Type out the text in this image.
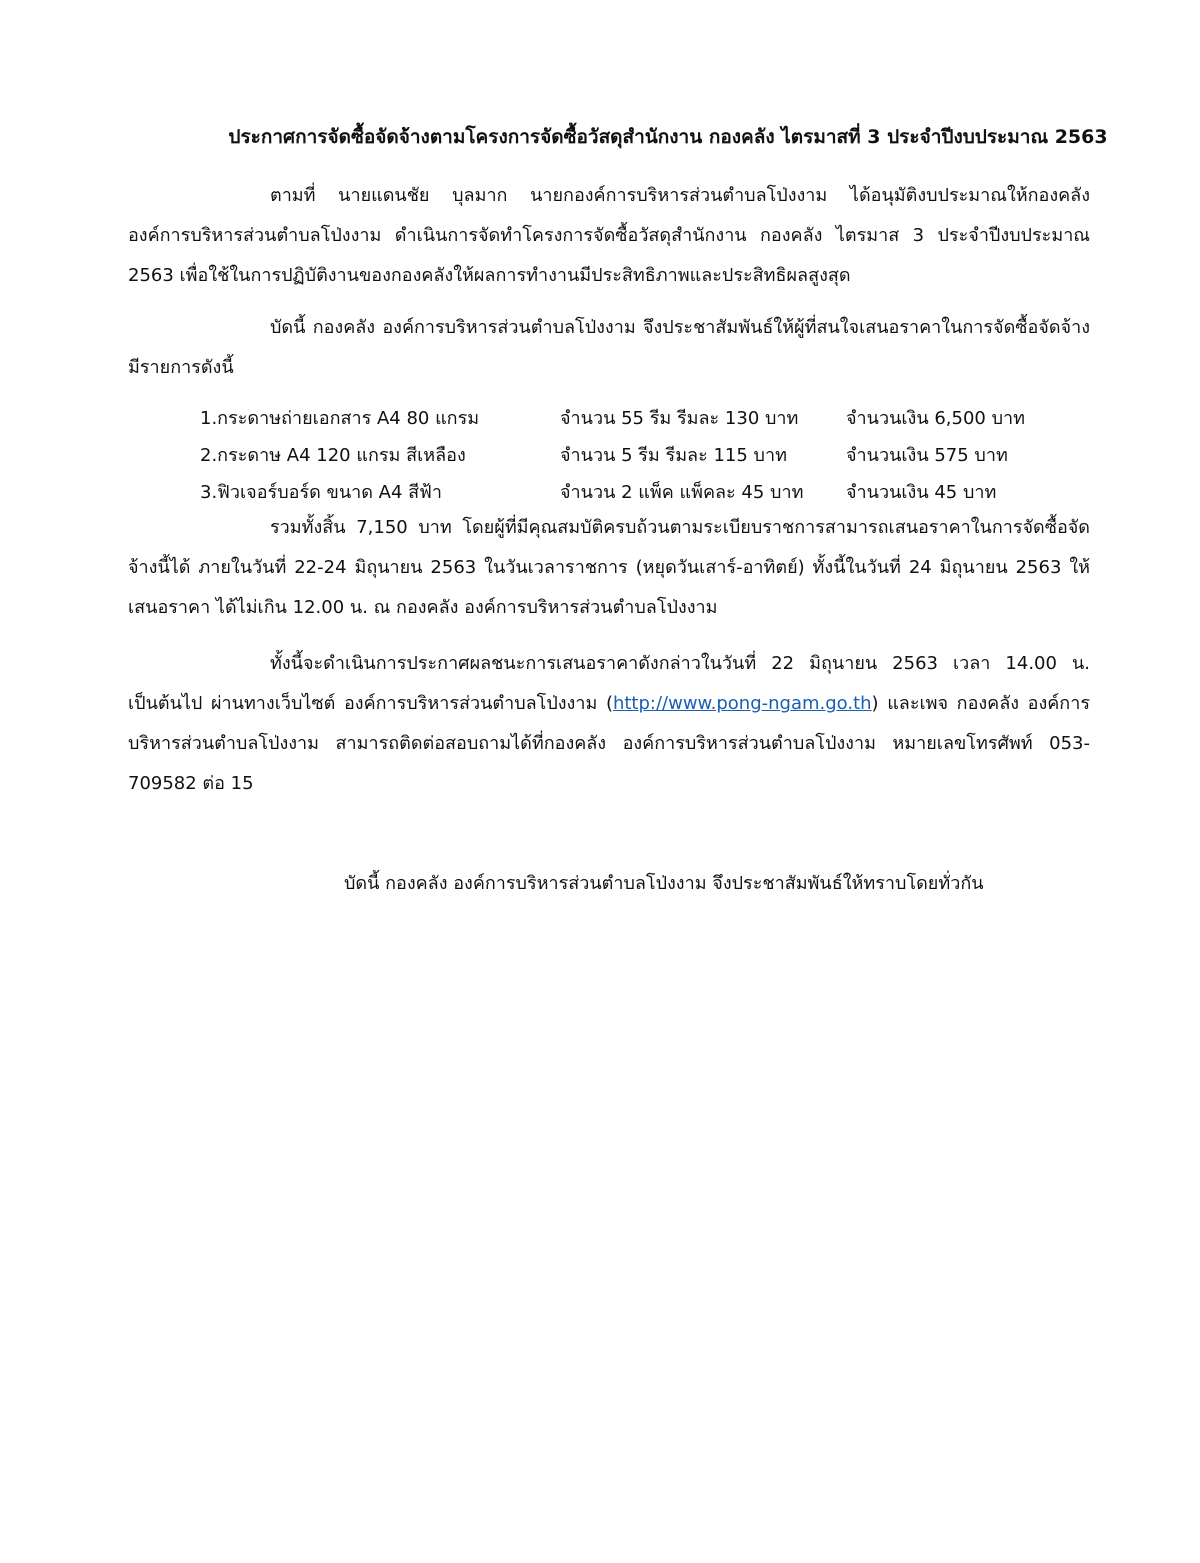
ประกาศการจัดซื้อจัดจ้างตามโครงการจัดซื้อวัสดุสำนักงาน กองคลัง ไตรมาสที่ 3 ประจำปีงบประมาณ 2563

ตามที่ นายแดนชัย บุลมาก นายกองค์การบริหารส่วนตำบลโป่งงาม ได้อนุมัติงบประมาณให้กองคลัง องค์การบริหารส่วนตำบลโป่งงาม ดำเนินการจัดทำโครงการจัดซื้อวัสดุสำนักงาน กองคลัง ไตรมาส 3 ประจำปีงบประมาณ 2563 เพื่อใช้ในการปฏิบัติงานของกองคลังให้ผลการทำงานมีประสิทธิภาพและประสิทธิผลสูงสุด

บัดนี้ กองคลัง องค์การบริหารส่วนตำบลโป่งงาม จึงประชาสัมพันธ์ให้ผู้ที่สนใจเสนอราคาในการจัดซื้อจัดจ้าง มีรายการดังนี้

1.กระดาษถ่ายเอกสาร A4 80 แกรม	จำนวน 55 รีม รีมละ 130 บาท	จำนวนเงิน 6,500 บาท
2.กระดาษ A4 120 แกรม สีเหลือง	จำนวน 5 รีม รีมละ 115 บาท	จำนวนเงิน 575 บาท
3.ฟิวเจอร์บอร์ด ขนาด A4 สีฟ้า	จำนวน 2 แพ็ค แพ็คละ 45 บาท	จำนวนเงิน 45 บาท

รวมทั้งสิ้น 7,150 บาท โดยผู้ที่มีคุณสมบัติครบถ้วนตามระเบียบราชการสามารถเสนอราคาในการจัดซื้อจัดจ้างนี้ได้ ภายในวันที่ 22-24 มิถุนายน 2563 ในวันเวลาราชการ (หยุดวันเสาร์-อาทิตย์) ทั้งนี้ในวันที่ 24 มิถุนายน 2563 ให้เสนอราคา ได้ไม่เกิน 12.00 น. ณ กองคลัง องค์การบริหารส่วนตำบลโป่งงาม

ทั้งนี้จะดำเนินการประกาศผลชนะการเสนอราคาดังกล่าวในวันที่ 22 มิถุนายน 2563 เวลา 14.00 น. เป็นต้นไป ผ่านทางเว็บไซต์ องค์การบริหารส่วนตำบลโป่งงาม (http://www.pong-ngam.go.th) และเพจ กองคลัง องค์การบริหารส่วนตำบลโป่งงาม สามารถติดต่อสอบถามได้ที่กองคลัง องค์การบริหารส่วนตำบลโป่งงาม หมายเลขโทรศัพท์ 053-709582 ต่อ 15

บัดนี้ กองคลัง องค์การบริหารส่วนตำบลโป่งงาม จึงประชาสัมพันธ์ให้ทราบโดยทั่วกัน
